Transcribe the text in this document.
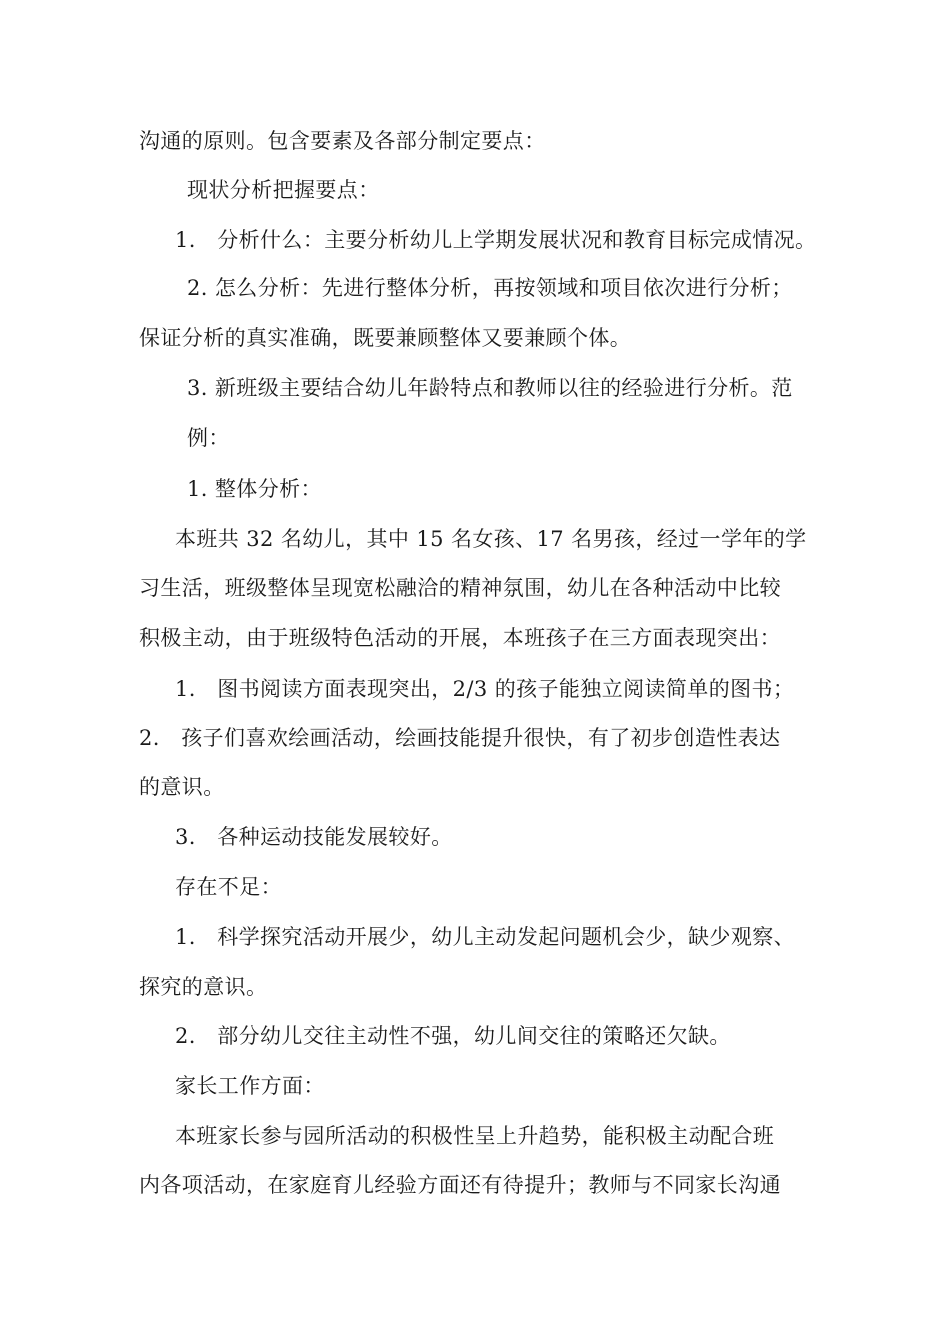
沟通的原则。包含要素及各部分制定要点：
现状分析把握要点：
1.　分析什么：主要分析幼儿上学期发展状况和教育目标完成情况。
2. 怎么分析：先进行整体分析，再按领域和项目依次进行分析；
保证分析的真实准确，既要兼顾整体又要兼顾个体。
3. 新班级主要结合幼儿年龄特点和教师以往的经验进行分析。范
例：
1. 整体分析：
本班共 32 名幼儿，其中 15 名女孩、17 名男孩，经过一学年的学
习生活，班级整体呈现宽松融洽的精神氛围，幼儿在各种活动中比较
积极主动，由于班级特色活动的开展，本班孩子在三方面表现突出：
1.　图书阅读方面表现突出，2/3 的孩子能独立阅读简单的图书；
2.　孩子们喜欢绘画活动，绘画技能提升很快，有了初步创造性表达
的意识。
3.　各种运动技能发展较好。
存在不足：
1.　科学探究活动开展少，幼儿主动发起问题机会少，缺少观察、
探究的意识。
2.　部分幼儿交往主动性不强，幼儿间交往的策略还欠缺。
家长工作方面：
本班家长参与园所活动的积极性呈上升趋势，能积极主动配合班
内各项活动，在家庭育儿经验方面还有待提升；教师与不同家长沟通
